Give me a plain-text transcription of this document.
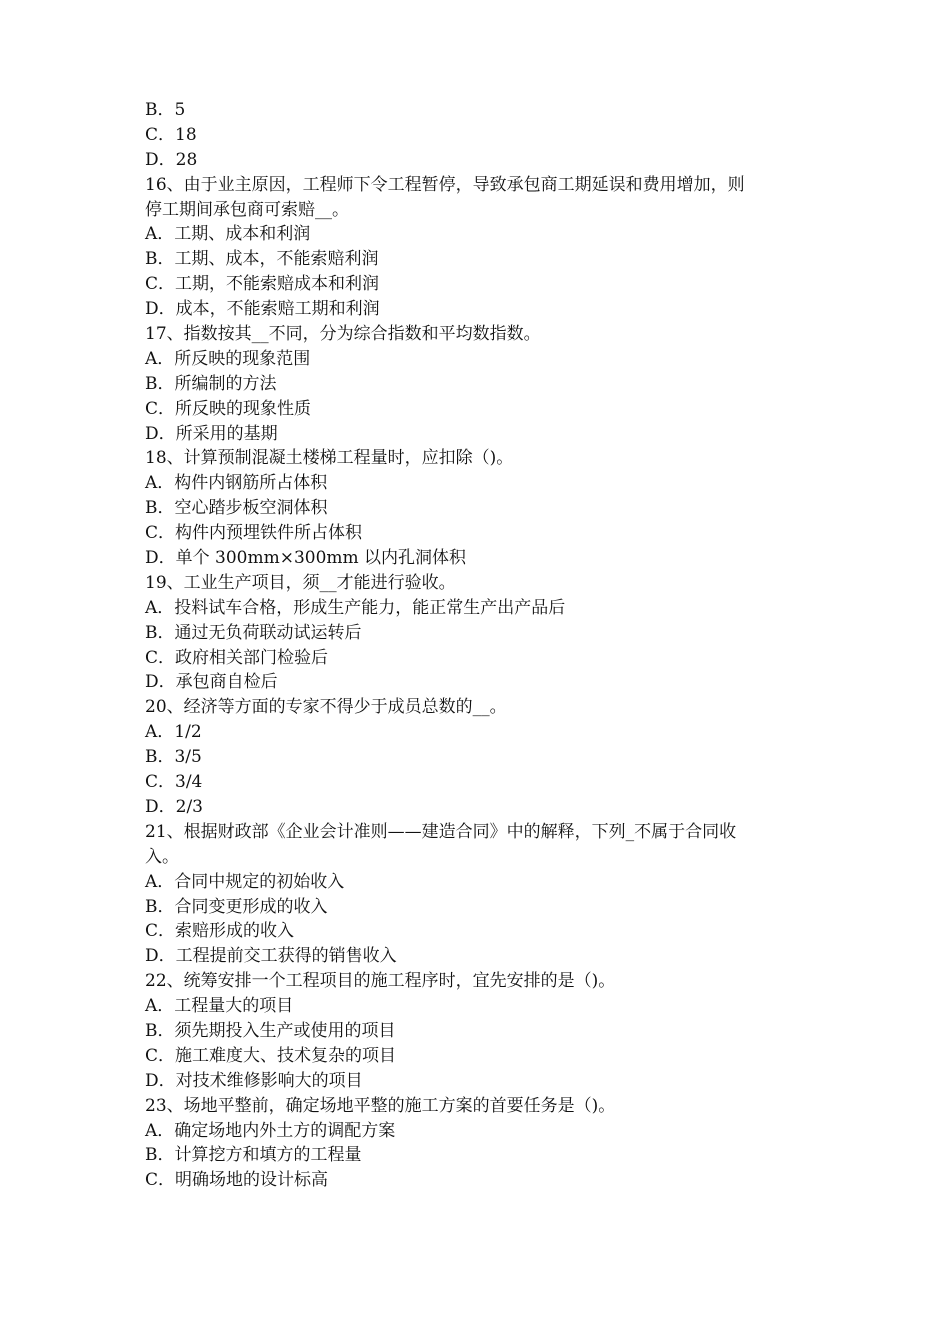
B．5
C．18
D．28
16、由于业主原因，工程师下令工程暂停，导致承包商工期延误和费用增加，则
停工期间承包商可索赔__。
A．工期、成本和利润
B．工期、成本，不能索赔利润
C．工期，不能索赔成本和利润
D．成本，不能索赔工期和利润
17、指数按其__不同，分为综合指数和平均数指数。
A．所反映的现象范围
B．所编制的方法
C．所反映的现象性质
D．所采用的基期
18、计算预制混凝土楼梯工程量时，应扣除（)。
A．构件内钢筋所占体积
B．空心踏步板空洞体积
C．构件内预埋铁件所占体积
D．单个 300mm×300mm 以内孔洞体积
19、工业生产项目，须__才能进行验收。
A．投料试车合格，形成生产能力，能正常生产出产品后
B．通过无负荷联动试运转后
C．政府相关部门检验后
D．承包商自检后
20、经济等方面的专家不得少于成员总数的__。
A．1/2
B．3/5
C．3/4
D．2/3
21、根据财政部《企业会计准则——建造合同》中的解释，下列_不属于合同收
入。
A．合同中规定的初始收入
B．合同变更形成的收入
C．索赔形成的收入
D．工程提前交工获得的销售收入
22、统筹安排一个工程项目的施工程序时，宜先安排的是（)。
A．工程量大的项目
B．须先期投入生产或使用的项目
C．施工难度大、技术复杂的项目
D．对技术维修影响大的项目
23、场地平整前，确定场地平整的施工方案的首要任务是（)。
A．确定场地内外土方的调配方案
B．计算挖方和填方的工程量
C．明确场地的设计标高
